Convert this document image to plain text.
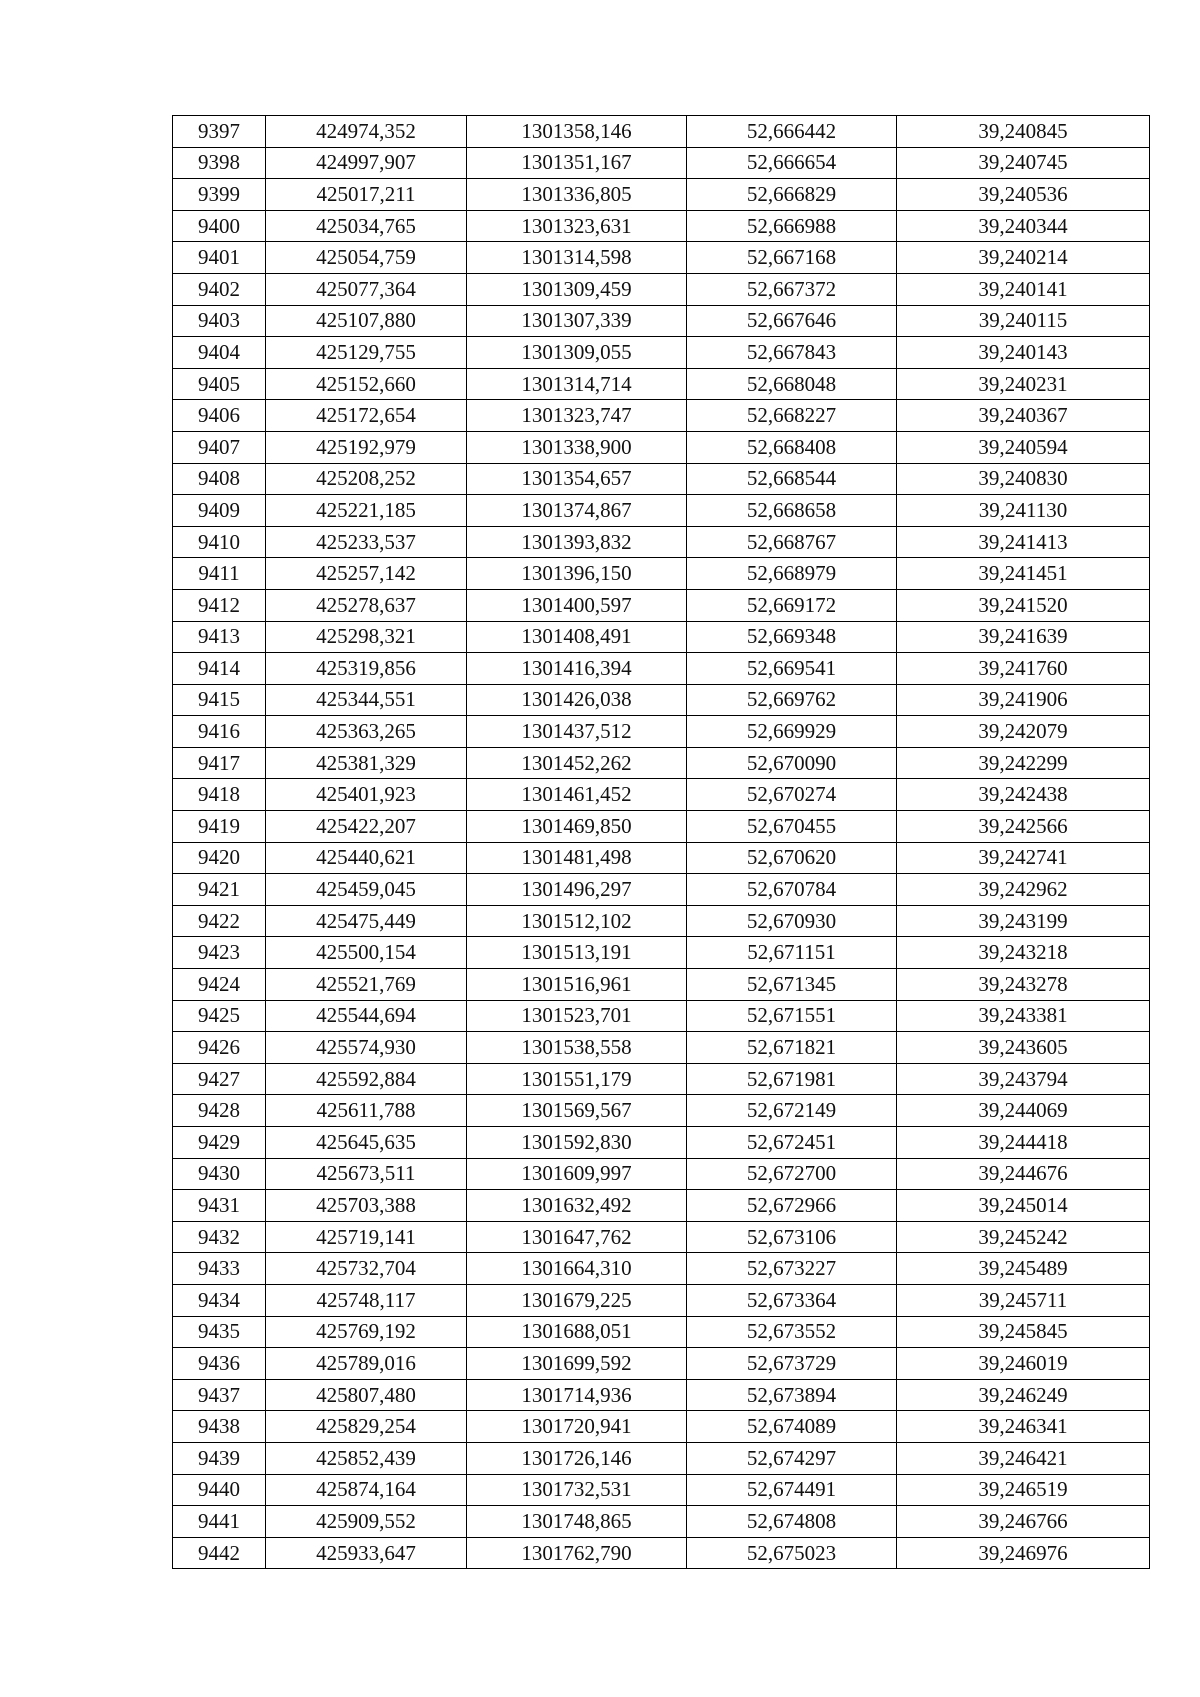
9397	424974,352	1301358,146	52,666442	39,240845
9398	424997,907	1301351,167	52,666654	39,240745
9399	425017,211	1301336,805	52,666829	39,240536
9400	425034,765	1301323,631	52,666988	39,240344
9401	425054,759	1301314,598	52,667168	39,240214
9402	425077,364	1301309,459	52,667372	39,240141
9403	425107,880	1301307,339	52,667646	39,240115
9404	425129,755	1301309,055	52,667843	39,240143
9405	425152,660	1301314,714	52,668048	39,240231
9406	425172,654	1301323,747	52,668227	39,240367
9407	425192,979	1301338,900	52,668408	39,240594
9408	425208,252	1301354,657	52,668544	39,240830
9409	425221,185	1301374,867	52,668658	39,241130
9410	425233,537	1301393,832	52,668767	39,241413
9411	425257,142	1301396,150	52,668979	39,241451
9412	425278,637	1301400,597	52,669172	39,241520
9413	425298,321	1301408,491	52,669348	39,241639
9414	425319,856	1301416,394	52,669541	39,241760
9415	425344,551	1301426,038	52,669762	39,241906
9416	425363,265	1301437,512	52,669929	39,242079
9417	425381,329	1301452,262	52,670090	39,242299
9418	425401,923	1301461,452	52,670274	39,242438
9419	425422,207	1301469,850	52,670455	39,242566
9420	425440,621	1301481,498	52,670620	39,242741
9421	425459,045	1301496,297	52,670784	39,242962
9422	425475,449	1301512,102	52,670930	39,243199
9423	425500,154	1301513,191	52,671151	39,243218
9424	425521,769	1301516,961	52,671345	39,243278
9425	425544,694	1301523,701	52,671551	39,243381
9426	425574,930	1301538,558	52,671821	39,243605
9427	425592,884	1301551,179	52,671981	39,243794
9428	425611,788	1301569,567	52,672149	39,244069
9429	425645,635	1301592,830	52,672451	39,244418
9430	425673,511	1301609,997	52,672700	39,244676
9431	425703,388	1301632,492	52,672966	39,245014
9432	425719,141	1301647,762	52,673106	39,245242
9433	425732,704	1301664,310	52,673227	39,245489
9434	425748,117	1301679,225	52,673364	39,245711
9435	425769,192	1301688,051	52,673552	39,245845
9436	425789,016	1301699,592	52,673729	39,246019
9437	425807,480	1301714,936	52,673894	39,246249
9438	425829,254	1301720,941	52,674089	39,246341
9439	425852,439	1301726,146	52,674297	39,246421
9440	425874,164	1301732,531	52,674491	39,246519
9441	425909,552	1301748,865	52,674808	39,246766
9442	425933,647	1301762,790	52,675023	39,246976
